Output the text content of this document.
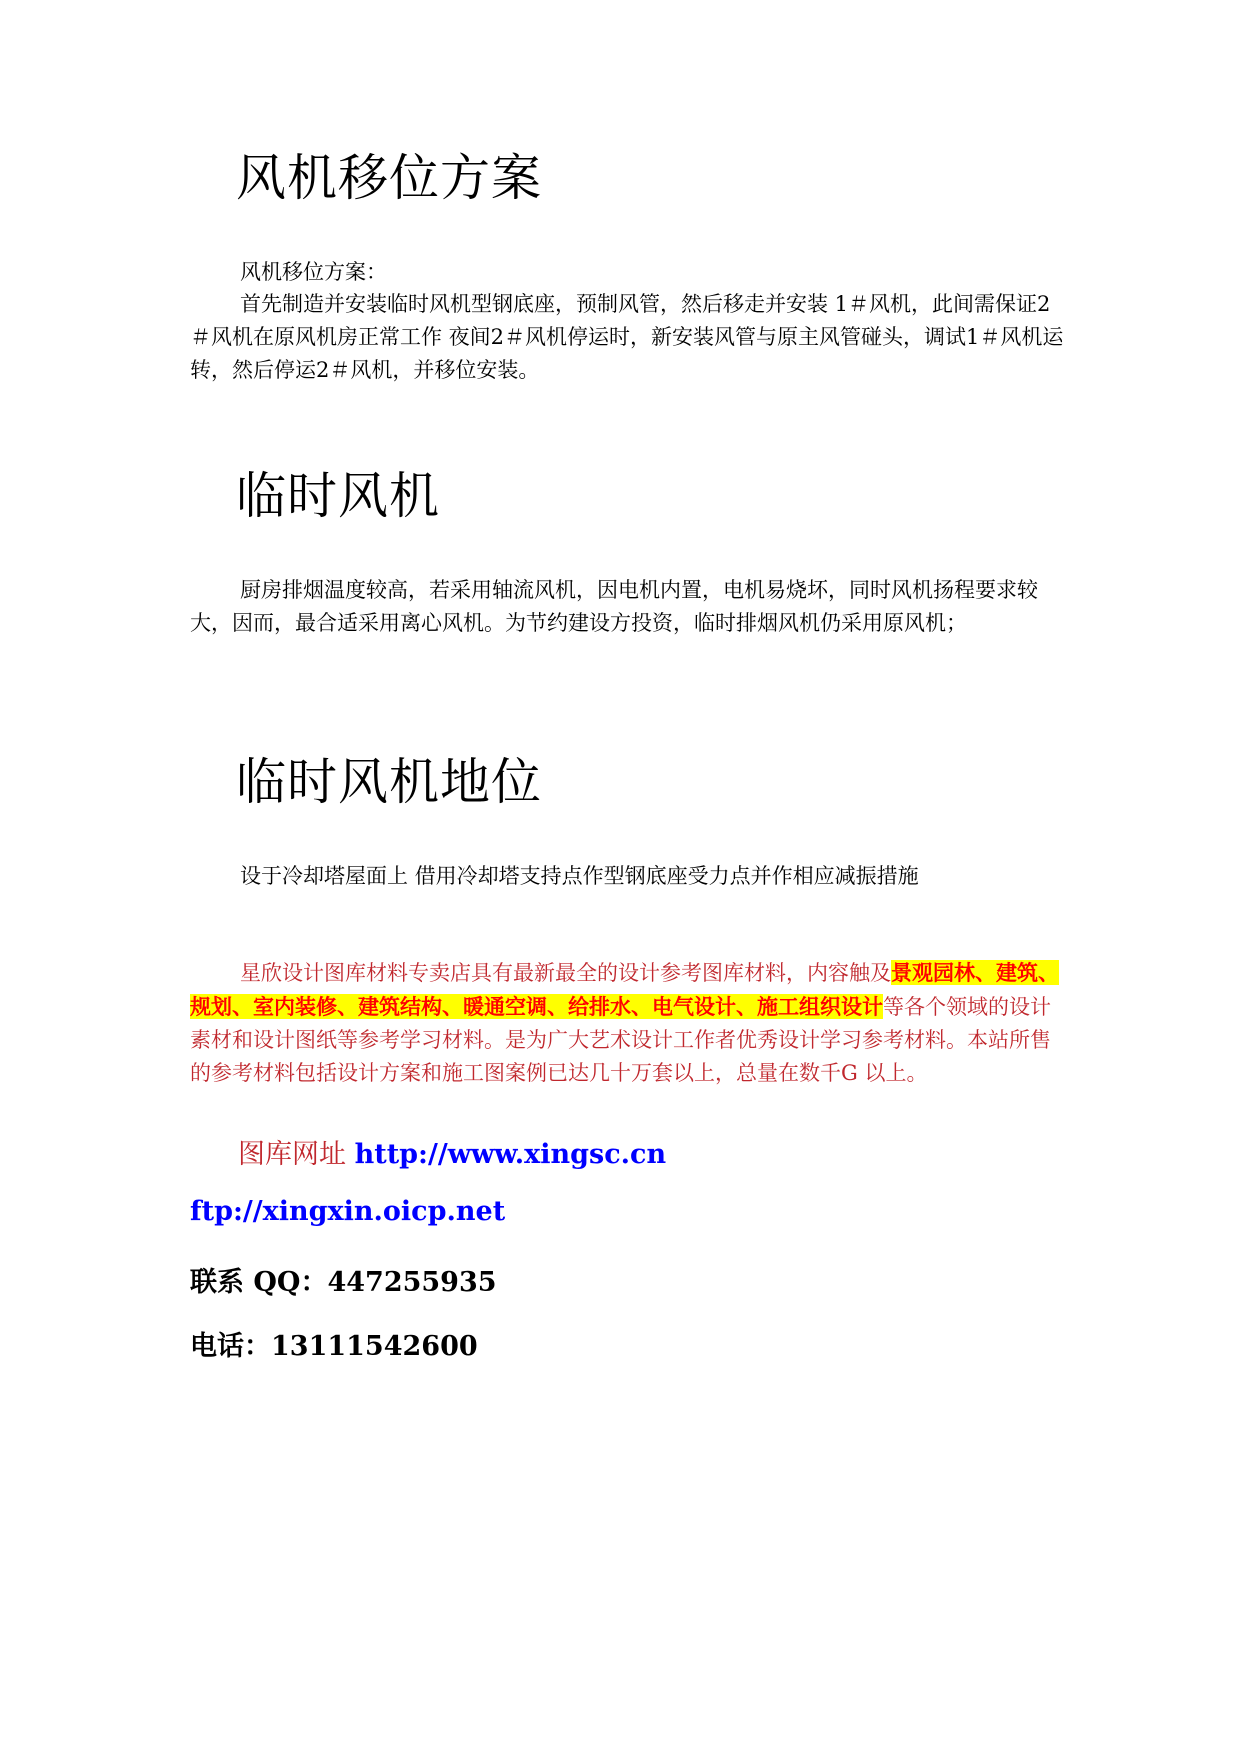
风机移位方案

风机移位方案：

首先制造并安装临时风机型钢底座，预制风管，然后移走并安装 1＃风机，此间需保证2＃风机在原风机房正常工作 夜间2＃风机停运时，新安装风管与原主风管碰头，调试1＃风机运转，然后停运2＃风机，并移位安装。

临时风机

厨房排烟温度较高，若采用轴流风机，因电机内置，电机易烧坏，同时风机扬程要求较大，因而，最合适采用离心风机。为节约建设方投资，临时排烟风机仍采用原风机；

临时风机地位

设于冷却塔屋面上 借用冷却塔支持点作型钢底座受力点并作相应减振措施

星欣设计图库材料专卖店具有最新最全的设计参考图库材料，内容触及景观园林、建筑、规划、室内装修、建筑结构、暖通空调、给排水、电气设计、施工组织设计等各个领域的设计素材和设计图纸等参考学习材料。是为广大艺术设计工作者优秀设计学习参考材料。本站所售的参考材料包括设计方案和施工图案例已达几十万套以上，总量在数千G 以上。

图库网址 http://www.xingsc.cn

ftp://xingxin.oicp.net

联系 QQ：447255935

电话：13111542600
